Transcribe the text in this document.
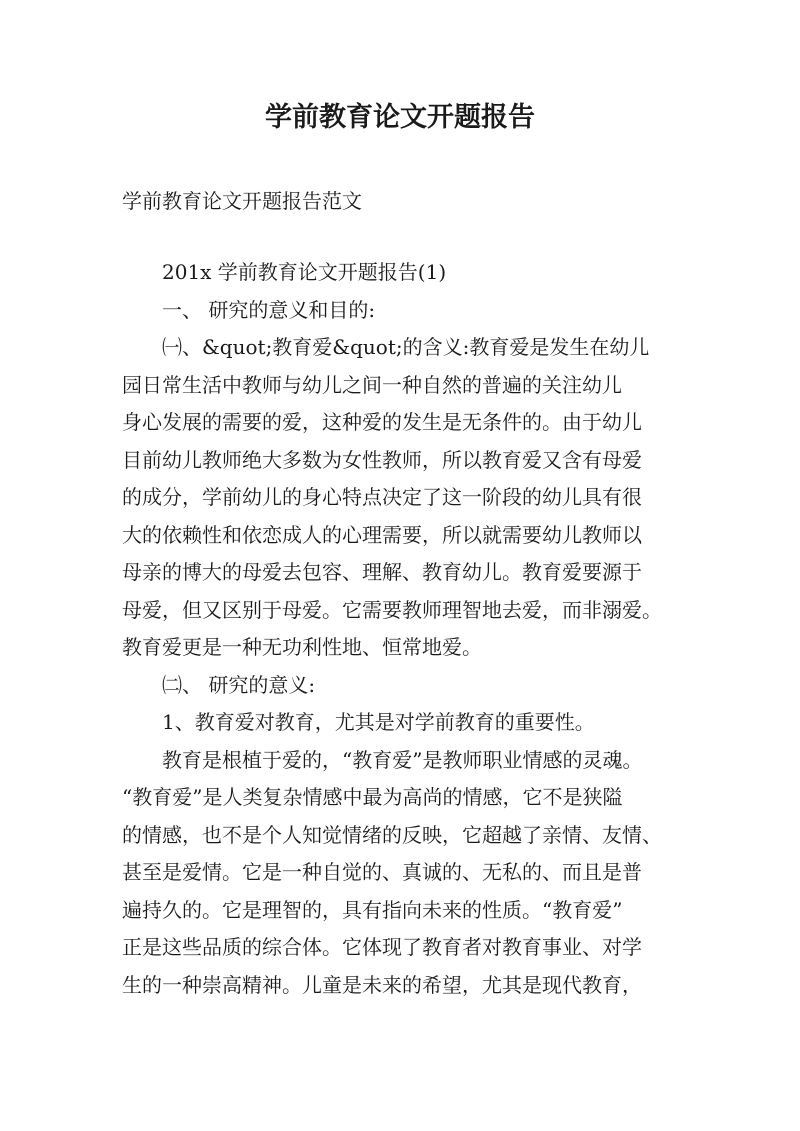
学前教育论文开题报告

学前教育论文开题报告范文

201x 学前教育论文开题报告(1)
一、 研究的意义和目的:
㈠、&quot;教育爱&quot;的含义:教育爱是发生在幼儿
园日常生活中教师与幼儿之间一种自然的普遍的关注幼儿
身心发展的需要的爱，这种爱的发生是无条件的。由于幼儿
目前幼儿教师绝大多数为女性教师，所以教育爱又含有母爱
的成分，学前幼儿的身心特点决定了这一阶段的幼儿具有很
大的依赖性和依恋成人的心理需要，所以就需要幼儿教师以
母亲的博大的母爱去包容、理解、教育幼儿。教育爱要源于
母爱，但又区别于母爱。它需要教师理智地去爱，而非溺爱。
教育爱更是一种无功利性地、恒常地爱。
㈡、 研究的意义:
1、教育爱对教育，尤其是对学前教育的重要性。
教育是根植于爱的，“教育爱”是教师职业情感的灵魂。
“教育爱”是人类复杂情感中最为高尚的情感，它不是狭隘
的情感，也不是个人知觉情绪的反映，它超越了亲情、友情、
甚至是爱情。它是一种自觉的、真诚的、无私的、而且是普
遍持久的。它是理智的，具有指向未来的性质。“教育爱”
正是这些品质的综合体。它体现了教育者对教育事业、对学
生的一种崇高精神。儿童是未来的希望，尤其是现代教育，
